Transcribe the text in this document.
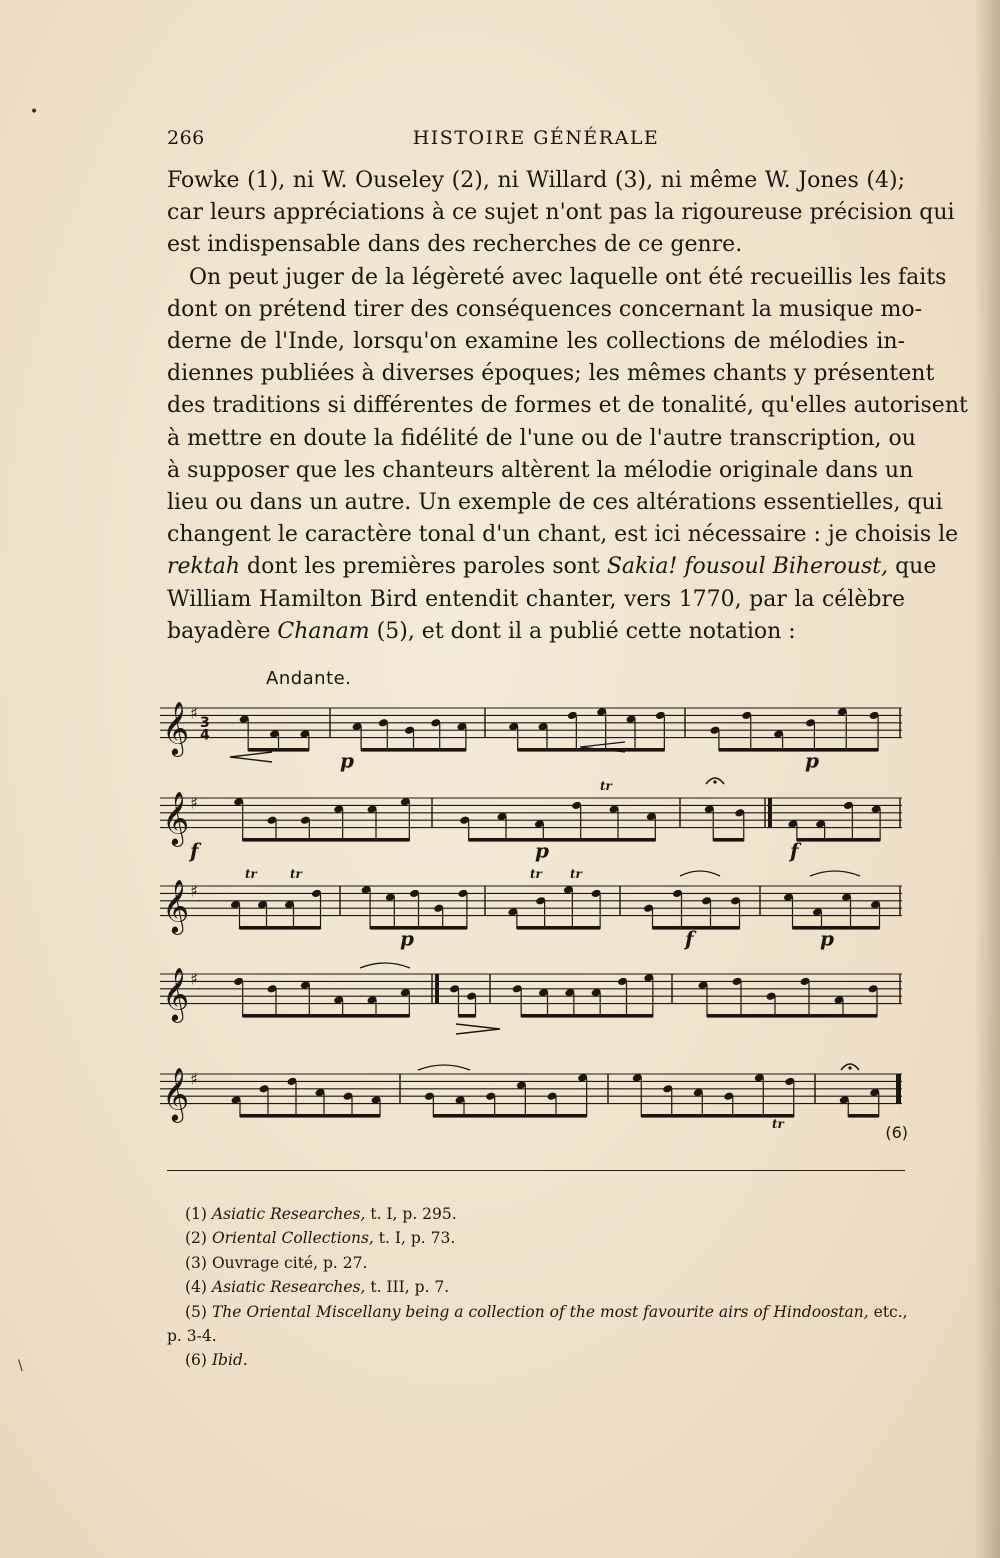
266	HISTOIRE GÉNÉRALE
Fowke (1), ni W. Ouseley (2), ni Willard (3), ni même W. Jones (4);
car leurs appréciations à ce sujet n'ont pas la rigoureuse précision qui
est indispensable dans des recherches de ce genre.
On peut juger de la légèreté avec laquelle ont été recueillis les faits
dont on prétend tirer des conséquences concernant la musique mo-
derne de l'Inde, lorsqu'on examine les collections de mélodies in-
diennes publiées à diverses époques; les mêmes chants y présentent
des traditions si différentes de formes et de tonalité, qu'elles autorisent
à mettre en doute la fidélité de l'une ou de l'autre transcription, ou
à supposer que les chanteurs altèrent la mélodie originale dans un
lieu ou dans un autre. Un exemple de ces altérations essentielles, qui
changent le caractère tonal d'un chant, est ici nécessaire : je choisis le
rektah dont les premières paroles sont Sakia! fousoul Biheroust, que
William Hamilton Bird entendit chanter, vers 1770, par la célèbre
bayadère Chanam (5), et dont il a publié cette notation :
Andante.
𝄞 ♯
3
4
p	p
𝄞 ♯
f	p	f
𝄞 ♯
p	f	p
𝄞 ♯
𝄞 ♯
tr	tr	tr tr
tr
tr	(6)
(1) Asiatic Researches, t. I, p. 295.
(2) Oriental Collections, t. I, p. 73.
(3) Ouvrage cité, p. 27.
(4) Asiatic Researches, t. III, p. 7.
(5) The Oriental Miscellany being a collection of the most favourite airs of Hindoostan, etc.,
p. 3-4.
(6) Ibid.
•
\
